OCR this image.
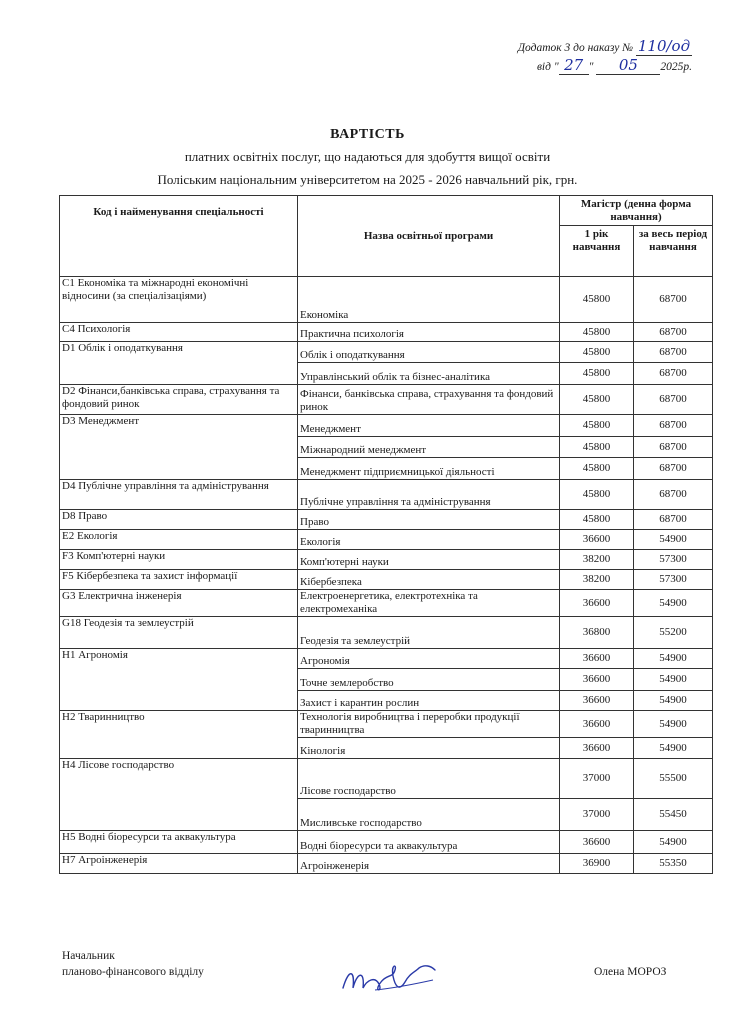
Додаток 3 до наказу № 110/од
від " 27 " 05 2025р.
ВАРТІСТЬ
платних освітніх послуг, що надаються для здобуття вищої освіти
Поліським національним університетом на 2025 - 2026 навчальний рік, грн.
Код і найменування спеціальності	Назва освітньої програми	Магістр (денна форма навчання)	
		1 рік навчання	за весь період навчання
С1 Економіка та міжнародні економічні відносини (за спеціалізаціями)	Економіка	45800	68700
С4 Психологія	Практична психологія	45800	68700
D1 Облік і оподаткування	Облік і оподаткування	45800	68700
	Управлінський облік та бізнес-аналітика	45800	68700
D2 Фінанси,банківська справа, страхування та фондовий ринок	Фінанси, банківська справа, страхування та фондовий ринок	45800	68700
D3 Менеджмент	Менеджмент	45800	68700
	Міжнародний менеджмент	45800	68700
	Менеджмент підприємницької діяльності	45800	68700
D4 Публічне управління та адміністрування	Публічне управління та адміністрування	45800	68700
D8 Право	Право	45800	68700
Е2 Екологія	Екологія	36600	54900
F3 Комп'ютерні науки	Комп'ютерні науки	38200	57300
F5 Кібербезпека та захист інформації	Кібербезпека	38200	57300
G3 Електрична інженерія	Електроенергетика, електротехніка та електромеханіка	36600	54900
G18 Геодезія та землеустрій	Геодезія та землеустрій	36800	55200
Н1 Агрономія	Агрономія	36600	54900
	Точне землеробство	36600	54900
	Захист і карантин рослин	36600	54900
Н2 Тваринництво	Технологія виробництва і переробки продукції тваринництва	36600	54900
	Кінологія	36600	54900
Н4 Лісове господарство	Лісове господарство	37000	55500
	Мисливське господарство	37000	55450
Н5 Водні біоресурси та аквакультура	Водні біоресурси та аквакультура	36600	54900
Н7 Агроінженерія	Агроінженерія	36900	55350
Начальник
планово-фінансового відділу	Олена МОРОЗ
